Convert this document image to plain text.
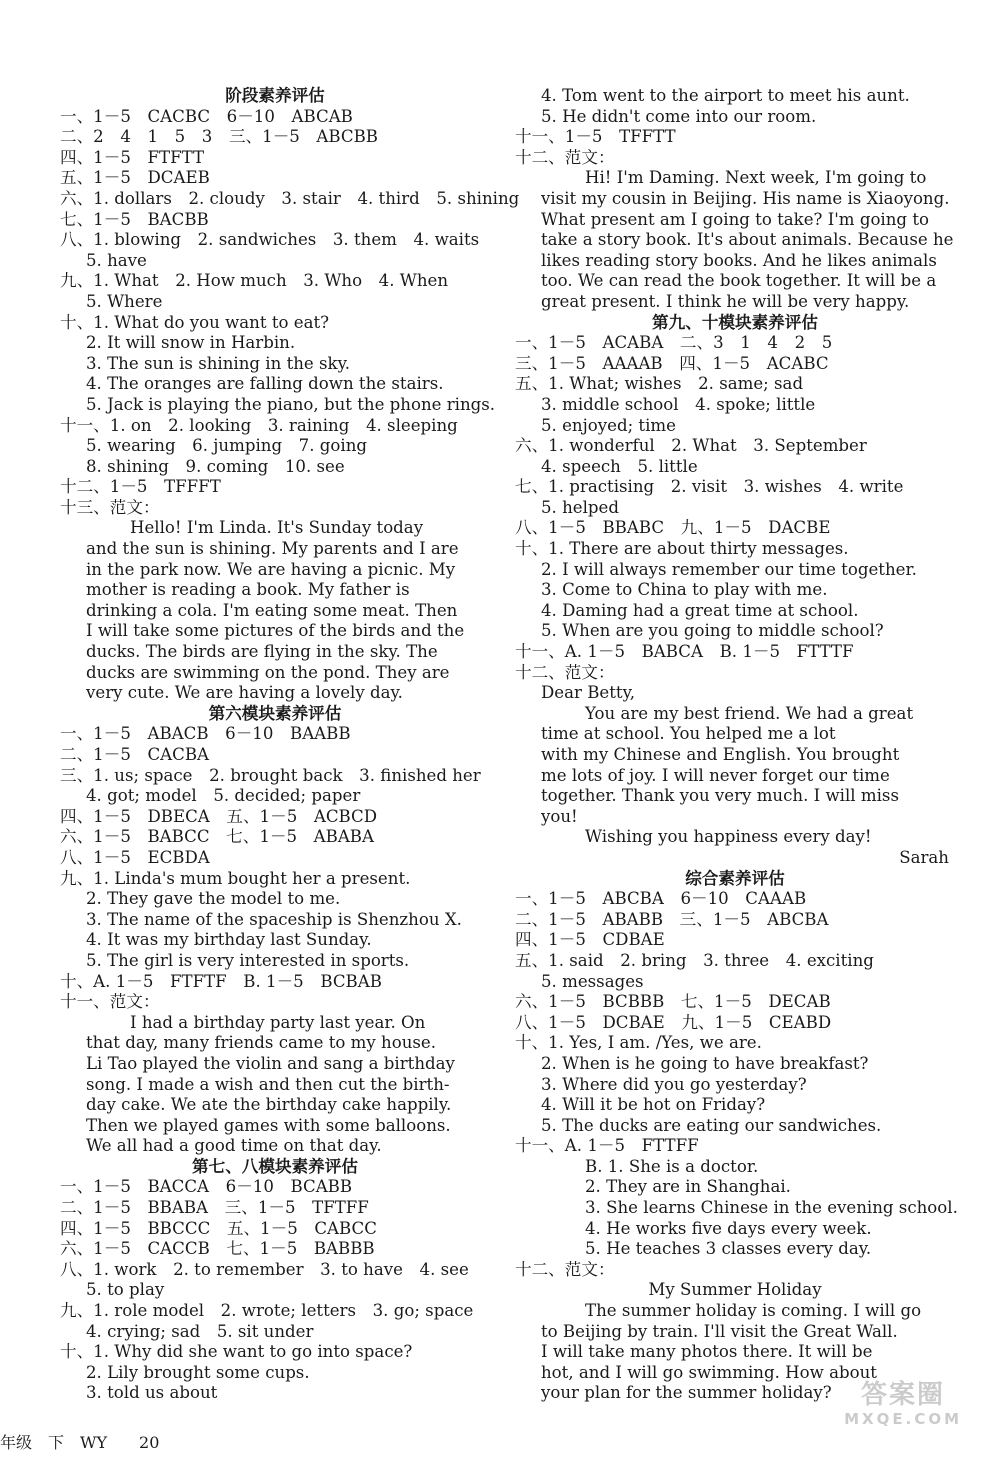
阶段素养评估
一、1－5　CACBC　6－10　ABCAB
二、2　4　1　5　3　三、1－5　ABCBB
四、1－5　FTFTT
五、1－5　DCAEB
六、1. dollars　2. cloudy　3. stair　4. third　5. shining
七、1－5　BACBB
八、1. blowing　2. sandwiches　3. them　4. waits
5. have
九、1. What　2. How much　3. Who　4. When
5. Where
十、1. What do you want to eat?
2. It will snow in Harbin.
3. The sun is shining in the sky.
4. The oranges are falling down the stairs.
5. Jack is playing the piano, but the phone rings.
十一、1. on　2. looking　3. raining　4. sleeping
5. wearing　6. jumping　7. going
8. shining　9. coming　10. see
十二、1－5　TFFFT
十三、范文：
Hello! I'm Linda. It's Sunday today
and the sun is shining. My parents and I are
in the park now. We are having a picnic. My
mother is reading a book. My father is
drinking a cola. I'm eating some meat. Then
I will take some pictures of the birds and the
ducks. The birds are flying in the sky. The
ducks are swimming on the pond. They are
very cute. We are having a lovely day.
第六模块素养评估
一、1－5　ABACB　6－10　BAABB
二、1－5　CACBA
三、1. us; space　2. brought back　3. finished her
4. got; model　5. decided; paper
四、1－5　DBECA　五、1－5　ACBCD
六、1－5　BABCC　七、1－5　ABABA
八、1－5　ECBDA
九、1. Linda's mum bought her a present.
2. They gave the model to me.
3. The name of the spaceship is Shenzhou X.
4. It was my birthday last Sunday.
5. The girl is very interested in sports.
十、A. 1－5　FTFTF　B. 1－5　BCBAB
十一、范文：
I had a birthday party last year. On
that day, many friends came to my house.
Li Tao played the violin and sang a birthday
song. I made a wish and then cut the birth-
day cake. We ate the birthday cake happily.
Then we played games with some balloons.
We all had a good time on that day.
第七、八模块素养评估
一、1－5　BACCA　6－10　BCABB
二、1－5　BBABA　三、1－5　TFTFF
四、1－5　BBCCC　五、1－5　CABCC
六、1－5　CACCB　七、1－5　BABBB
八、1. work　2. to remember　3. to have　4. see
5. to play
九、1. role model　2. wrote; letters　3. go; space
4. crying; sad　5. sit under
十、1. Why did she want to go into space?
2. Lily brought some cups.
3. told us about
4. Tom went to the airport to meet his aunt.
5. He didn't come into our room.
十一、1－5　TFFTT
十二、范文：
Hi! I'm Daming. Next week, I'm going to
visit my cousin in Beijing. His name is Xiaoyong.
What present am I going to take? I'm going to
take a story book. It's about animals. Because he
likes reading story books. And he likes animals
too. We can read the book together. It will be a
great present. I think he will be very happy.
第九、十模块素养评估
一、1－5　ACABA　二、3　1　4　2　5
三、1－5　AAAAB　四、1－5　ACABC
五、1. What; wishes　2. same; sad
3. middle school　4. spoke; little
5. enjoyed; time
六、1. wonderful　2. What　3. September
4. speech　5. little
七、1. practising　2. visit　3. wishes　4. write
5. helped
八、1－5　BBABC　九、1－5　DACBE
十、1. There are about thirty messages.
2. I will always remember our time together.
3. Come to China to play with me.
4. Daming had a great time at school.
5. When are you going to middle school?
十一、A. 1－5　BABCA　B. 1－5　FTTTF
十二、范文：
Dear Betty,
You are my best friend. We had a great
time at school. You helped me a lot
with my Chinese and English. You brought
me lots of joy. I will never forget our time
together. Thank you very much. I will miss
you!
Wishing you happiness every day!
Sarah
综合素养评估
一、1－5　ABCBA　6－10　CAAAB
二、1－5　ABABB　三、1－5　ABCBA
四、1－5　CDBAE
五、1. said　2. bring　3. three　4. exciting
5. messages
六、1－5　BCBBB　七、1－5　DECAB
八、1－5　DCBAE　九、1－5　CEABD
十、1. Yes, I am. /Yes, we are.
2. When is he going to have breakfast?
3. Where did you go yesterday?
4. Will it be hot on Friday?
5. The ducks are eating our sandwiches.
十一、A. 1－5　FTTFF
B. 1. She is a doctor.
2. They are in Shanghai.
3. She learns Chinese in the evening school.
4. He works five days every week.
5. He teaches 3 classes every day.
十二、范文：
My Summer Holiday
The summer holiday is coming. I will go
to Beijing by train. I'll visit the Great Wall.
I will take many photos there. It will be
hot, and I will go swimming. How about
your plan for the summer holiday?
年级　下　WY　　20
答案圈
MXQE.COM
